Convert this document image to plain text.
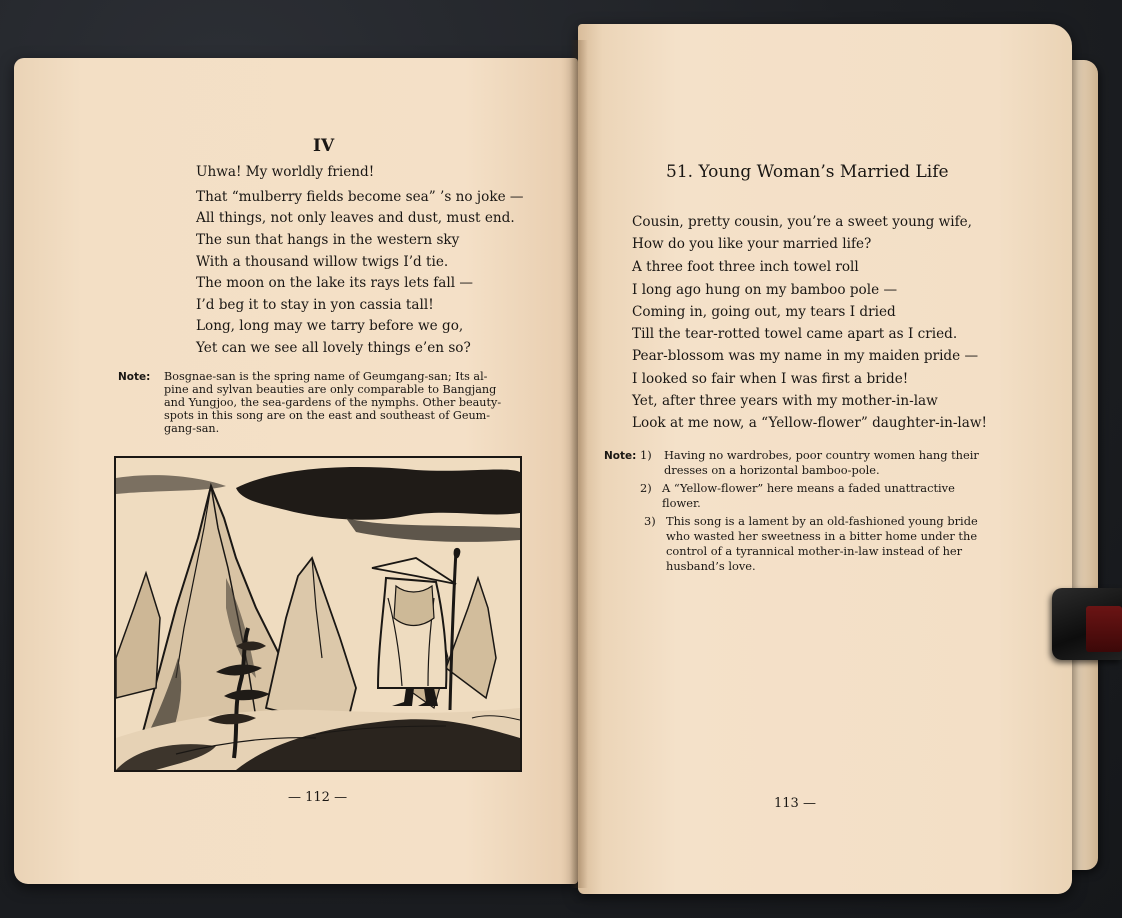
IV
Uhwa! My worldly friend!
That “mulberry fields become sea” ’s no joke —
All things, not only leaves and dust, must end.
The sun that hangs in the western sky
With a thousand willow twigs I’d tie.
The moon on the lake its rays lets fall —
I’d beg it to stay in yon cassia tall!
Long, long may we tarry before we go,
Yet can we see all lovely things e’en so?
Note: Bosgnae-san is the spring name of Geumgang-san; Its al-
pine and sylvan beauties are only comparable to Bangjang
and Yungjoo, the sea-gardens of the nymphs. Other beauty-
spots in this song are on the east and southeast of Geum-
gang-san.
— 112 —
51. Young Woman’s Married Life
Cousin, pretty cousin, you’re a sweet young wife,
How do you like your married life?
A three foot three inch towel roll
I long ago hung on my bamboo pole —
Coming in, going out, my tears I dried
Till the tear-rotted towel came apart as I cried.
Pear-blossom was my name in my maiden pride —
I looked so fair when I was first a bride!
Yet, after three years with my mother-in-law
Look at me now, a “Yellow-flower” daughter-in-law!
Note: 1) Having no wardrobes, poor country women hang their
dresses on a horizontal bamboo-pole.
2) A “Yellow-flower” here means a faded unattractive
flower.
3) This song is a lament by an old-fashioned young bride
who wasted her sweetness in a bitter home under the
control of a tyrannical mother-in-law instead of her
husband’s love.
113 —
